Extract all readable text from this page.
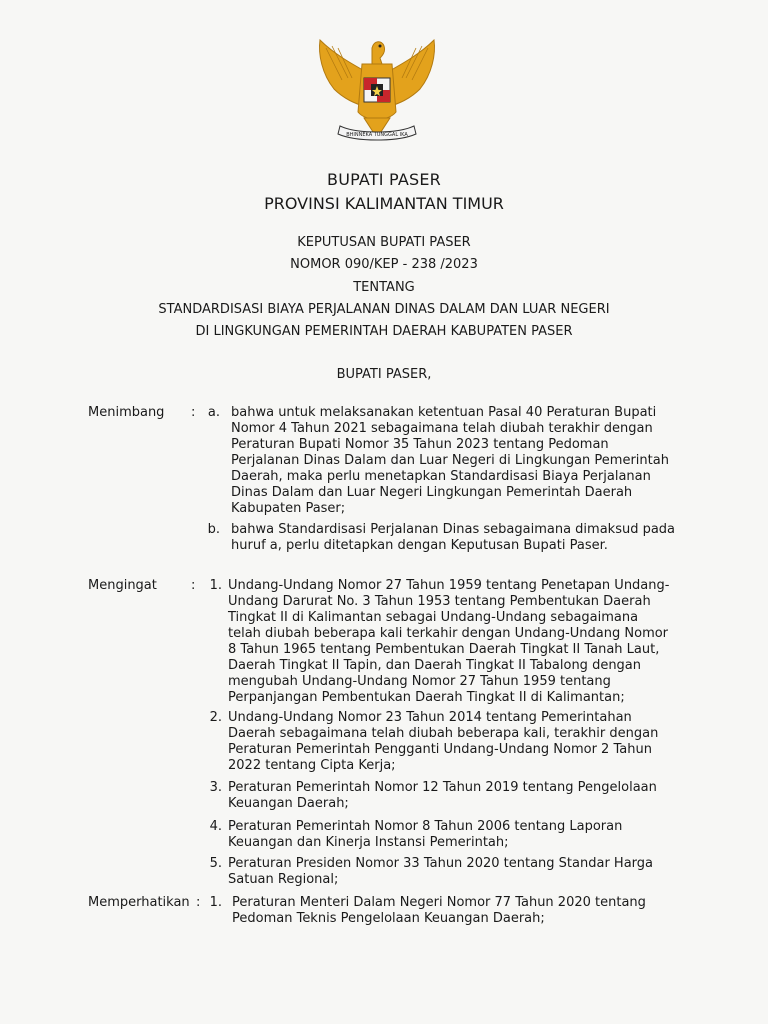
BHINNEKA TUNGGAL IKA
BUPATI PASER
PROVINSI KALIMANTAN TIMUR
KEPUTUSAN BUPATI PASER
NOMOR 090/KEP - 238 /2023
TENTANG
STANDARDISASI BIAYA PERJALANAN DINAS DALAM DAN LUAR NEGERI
DI LINGKUNGAN PEMERINTAH DAERAH KABUPATEN PASER
BUPATI PASER,
Menimbang : a. bahwa untuk melaksanakan ketentuan Pasal 40 Peraturan Bupati

Nomor 4 Tahun 2021 sebagaimana telah diubah terakhir dengan

Peraturan Bupati Nomor 35 Tahun 2023 tentang Pedoman

Perjalanan Dinas Dalam dan Luar Negeri di Lingkungan Pemerintah

Daerah, maka perlu menetapkan Standardisasi Biaya Perjalanan

Dinas Dalam dan Luar Negeri Lingkungan Pemerintah Daerah

Kabupaten Paser;

b. bahwa Standardisasi Perjalanan Dinas sebagaimana dimaksud pada

huruf a, perlu ditetapkan dengan Keputusan Bupati Paser.

Mengingat	:	1. Undang-Undang Nomor 27 Tahun 1959 tentang Penetapan Undang-

Undang Darurat No. 3 Tahun 1953 tentang Pembentukan Daerah

Tingkat II di Kalimantan sebagai Undang-Undang sebagaimana

telah diubah beberapa kali terkahir dengan Undang-Undang Nomor

8 Tahun 1965 tentang Pembentukan Daerah Tingkat II Tanah Laut,

Daerah Tingkat II Tapin, dan Daerah Tingkat II Tabalong dengan

mengubah Undang-Undang Nomor 27 Tahun 1959 tentang

Perpanjangan Pembentukan Daerah Tingkat II di Kalimantan;

2. Undang-Undang Nomor 23 Tahun 2014 tentang Pemerintahan

Daerah sebagaimana telah diubah beberapa kali, terakhir dengan

Peraturan Pemerintah Pengganti Undang-Undang Nomor 2 Tahun

2022 tentang Cipta Kerja;

3. Peraturan Pemerintah Nomor 12 Tahun 2019 tentang Pengelolaan

Keuangan Daerah;

4. Peraturan Pemerintah Nomor 8 Tahun 2006 tentang Laporan

Keuangan dan Kinerja Instansi Pemerintah;

5. Peraturan Presiden Nomor 33 Tahun 2020 tentang Standar Harga

Satuan Regional;

Memperhatikan : 1. Peraturan Menteri Dalam Negeri Nomor 77 Tahun 2020 tentang

Pedoman Teknis Pengelolaan Keuangan Daerah;
